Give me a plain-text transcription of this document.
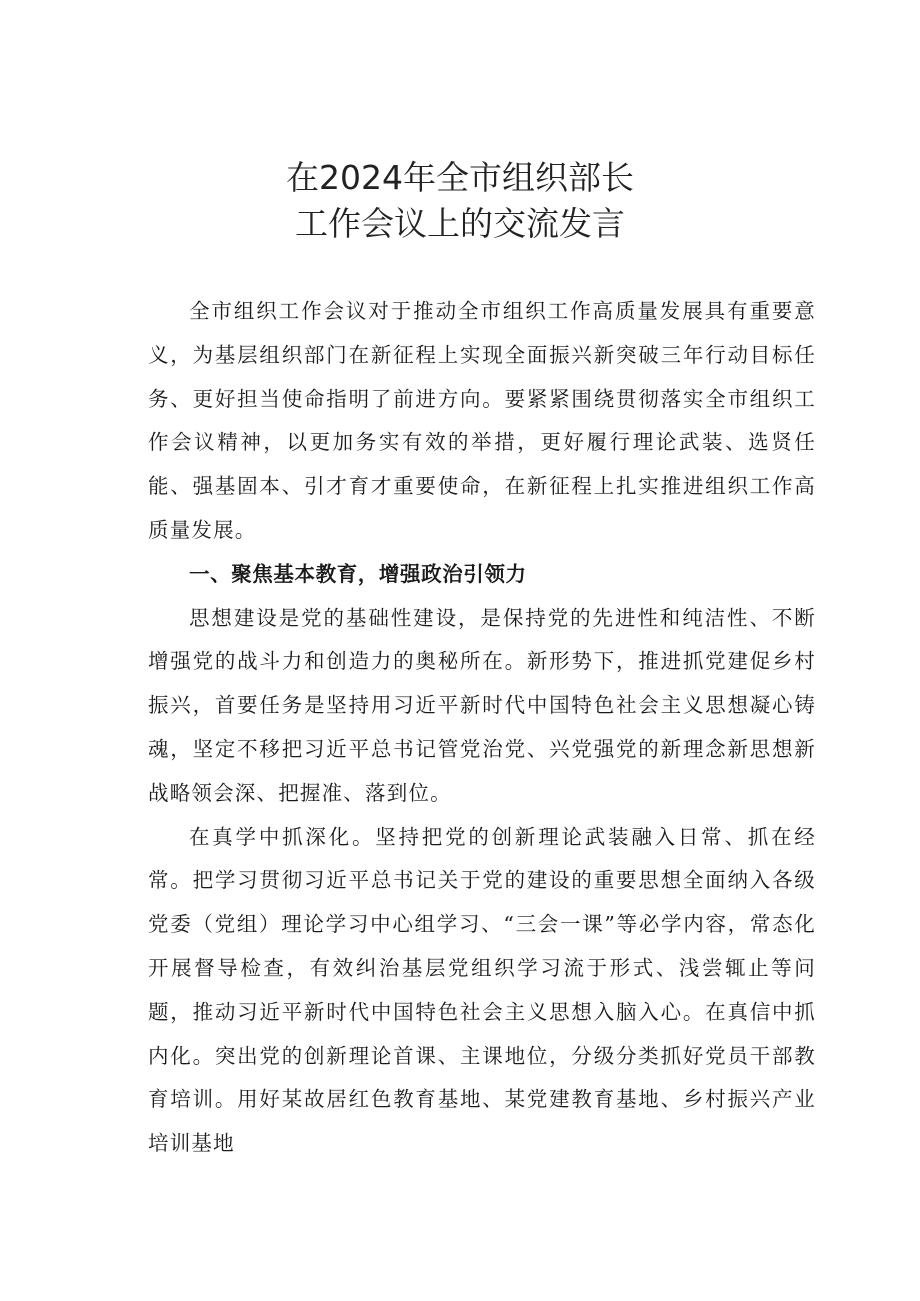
在2024年全市组织部长
工作会议上的交流发言

全市组织工作会议对于推动全市组织工作高质量发展具有重要意义，为基层组织部门在新征程上实现全面振兴新突破三年行动目标任务、更好担当使命指明了前进方向。要紧紧围绕贯彻落实全市组织工作会议精神，以更加务实有效的举措，更好履行理论武装、选贤任能、强基固本、引才育才重要使命，在新征程上扎实推进组织工作高质量发展。

一、聚焦基本教育，增强政治引领力

思想建设是党的基础性建设，是保持党的先进性和纯洁性、不断增强党的战斗力和创造力的奥秘所在。新形势下，推进抓党建促乡村振兴，首要任务是坚持用习近平新时代中国特色社会主义思想凝心铸魂，坚定不移把习近平总书记管党治党、兴党强党的新理念新思想新战略领会深、把握准、落到位。

在真学中抓深化。坚持把党的创新理论武装融入日常、抓在经常。把学习贯彻习近平总书记关于党的建设的重要思想全面纳入各级党委（党组）理论学习中心组学习、“三会一课”等必学内容，常态化开展督导检查，有效纠治基层党组织学习流于形式、浅尝辄止等问题，推动习近平新时代中国特色社会主义思想入脑入心。在真信中抓内化。突出党的创新理论首课、主课地位，分级分类抓好党员干部教育培训。用好某故居红色教育基地、某党建教育基地、乡村振兴产业培训基地
